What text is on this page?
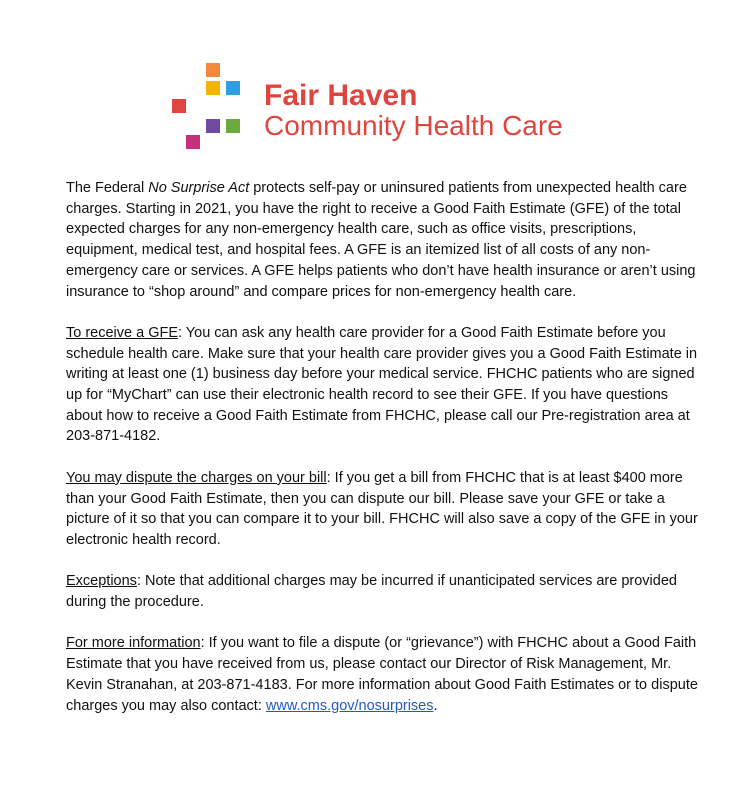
Fair Haven
Community Health Care

The Federal No Surprise Act protects self-pay or uninsured patients from unexpected health care charges. Starting in 2021, you have the right to receive a Good Faith Estimate (GFE) of the total expected charges for any non-emergency health care, such as office visits, prescriptions, equipment, medical test, and hospital fees. A GFE is an itemized list of all costs of any non-emergency care or services. A GFE helps patients who don’t have health insurance or aren’t using insurance to “shop around” and compare prices for non-emergency health care.

To receive a GFE: You can ask any health care provider for a Good Faith Estimate before you schedule health care. Make sure that your health care provider gives you a Good Faith Estimate in writing at least one (1) business day before your medical service. FHCHC patients who are signed up for “MyChart” can use their electronic health record to see their GFE. If you have questions about how to receive a Good Faith Estimate from FHCHC, please call our Pre-registration area at 203-871-4182.

You may dispute the charges on your bill: If you get a bill from FHCHC that is at least $400 more than your Good Faith Estimate, then you can dispute our bill. Please save your GFE or take a picture of it so that you can compare it to your bill. FHCHC will also save a copy of the GFE in your electronic health record.

Exceptions: Note that additional charges may be incurred if unanticipated services are provided during the procedure.

For more information: If you want to file a dispute (or “grievance”) with FHCHC about a Good Faith Estimate that you have received from us, please contact our Director of Risk Management, Mr. Kevin Stranahan, at 203-871-4183. For more information about Good Faith Estimates or to dispute charges you may also contact: www.cms.gov/nosurprises.
